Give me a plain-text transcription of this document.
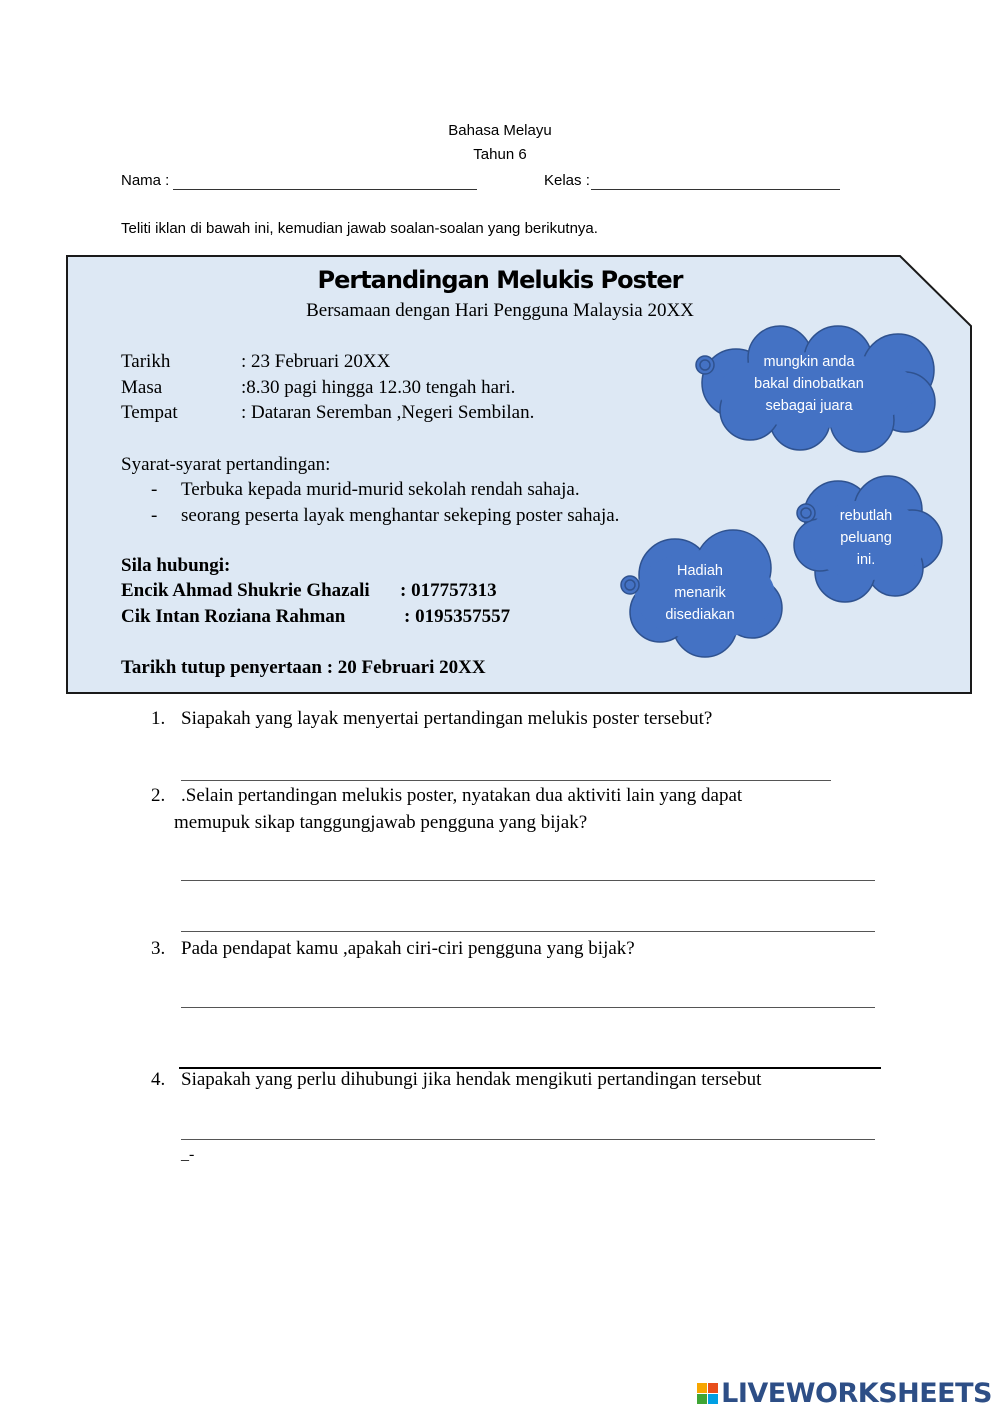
Bahasa Melayu
Tahun 6
Nama :	Kelas :
Teliti iklan di bawah ini, kemudian jawab soalan-soalan yang berikutnya.
Pertandingan Melukis Poster
Bersamaan dengan Hari Pengguna Malaysia 20XX
Tarikh	: 23 Februari 20XX
Masa	:8.30 pagi hingga 12.30 tengah hari.
Tempat	: Dataran Seremban ,Negeri Sembilan.
Syarat-syarat pertandingan:
- Terbuka kepada murid-murid sekolah rendah sahaja.
- seorang peserta layak menghantar sekeping poster sahaja.
Sila hubungi:
Encik Ahmad Shukrie Ghazali : 017757313
Cik Intan Roziana Rahman	: 0195357557
Tarikh tutup penyertaan : 20 Februari 20XX
mungkin anda
bakal dinobatkan
sebagai juara
rebutlah
peluang
ini.
Hadiah
menarik
disediakan
1. Siapakah yang layak menyertai pertandingan melukis poster tersebut?
2. .Selain pertandingan melukis poster, nyatakan dua aktiviti lain yang dapat
memupuk sikap tanggungjawab pengguna yang bijak?
3. Pada pendapat kamu ,apakah ciri-ciri pengguna yang bijak?
4. Siapakah yang perlu dihubungi jika hendak mengikuti pertandingan tersebut
_-
LIVEWORKSHEETS
